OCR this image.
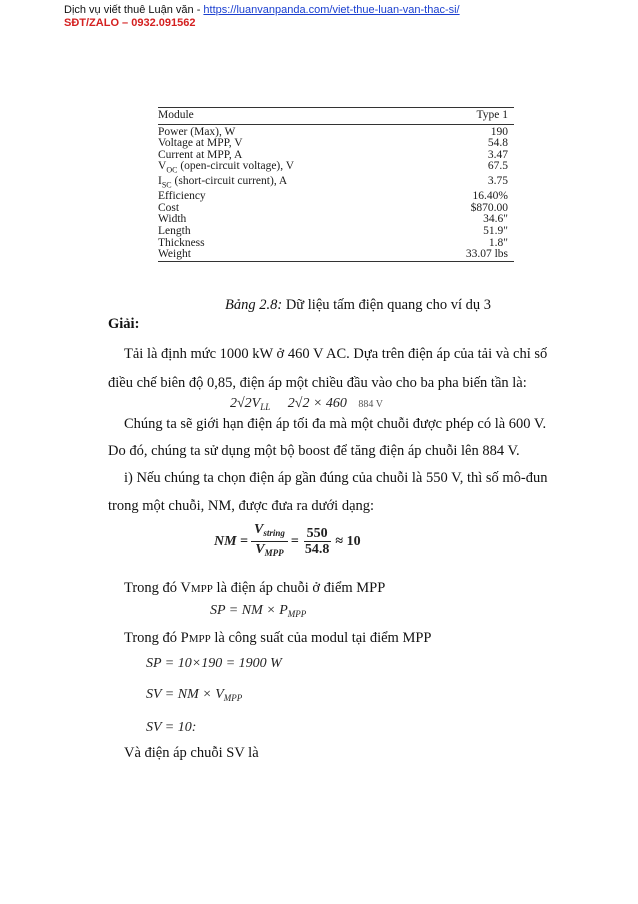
Dịch vụ viết thuê Luận văn - https://luanvanpanda.com/viet-thue-luan-van-thac-si/
SĐT/ZALO – 0932.091562
Module	Type 1
Power (Max), W	190
Voltage at MPP, V	54.8
Current at MPP, A	3.47
$V_{OC}$ (open-circuit voltage), V	67.5
$I_{SC}$ (short-circuit current), A	3.75
Efficiency	16.40%
Cost	$870.00
Width	34.6"
Length	51.9"
Thickness	1.8"
Weight	33.07 lbs
Bảng 2.8: Dữ liệu tấm điện quang cho ví dụ 3
Giải:
Tải là định mức 1000 kW ở 460 V AC. Dựa trên điện áp của tải và chỉ số
điều chế biên độ 0,85, điện áp một chiều đầu vào cho ba pha biến tần là:
$2√2V_{LL}$ 2√2 × 460 884 V
Chúng ta sẽ giới hạn điện áp tối đa mà một chuỗi được phép có là 600 V.
Do đó, chúng ta sử dụng một bộ boost để tăng điện áp chuỗi lên 884 V.
i) Nếu chúng ta chọn điện áp gần đúng của chuỗi là 550 V, thì số mô-đun
trong một chuỗi, NM, được đưa ra dưới dạng:
NM = $\frac{V_{string}}{V_{MPP}} = \frac{550}{54.8} \approx 10$
Trong đó VMPP là điện áp chuỗi ở điểm MPP
SP = NM × $P_{MPP}$
Trong đó PMPP là công suất của modul tại điểm MPP
SP = 10×190 = 1900 W
SV = NM × $V_{MPP}$
SV = 10:
Và điện áp chuỗi SV là
